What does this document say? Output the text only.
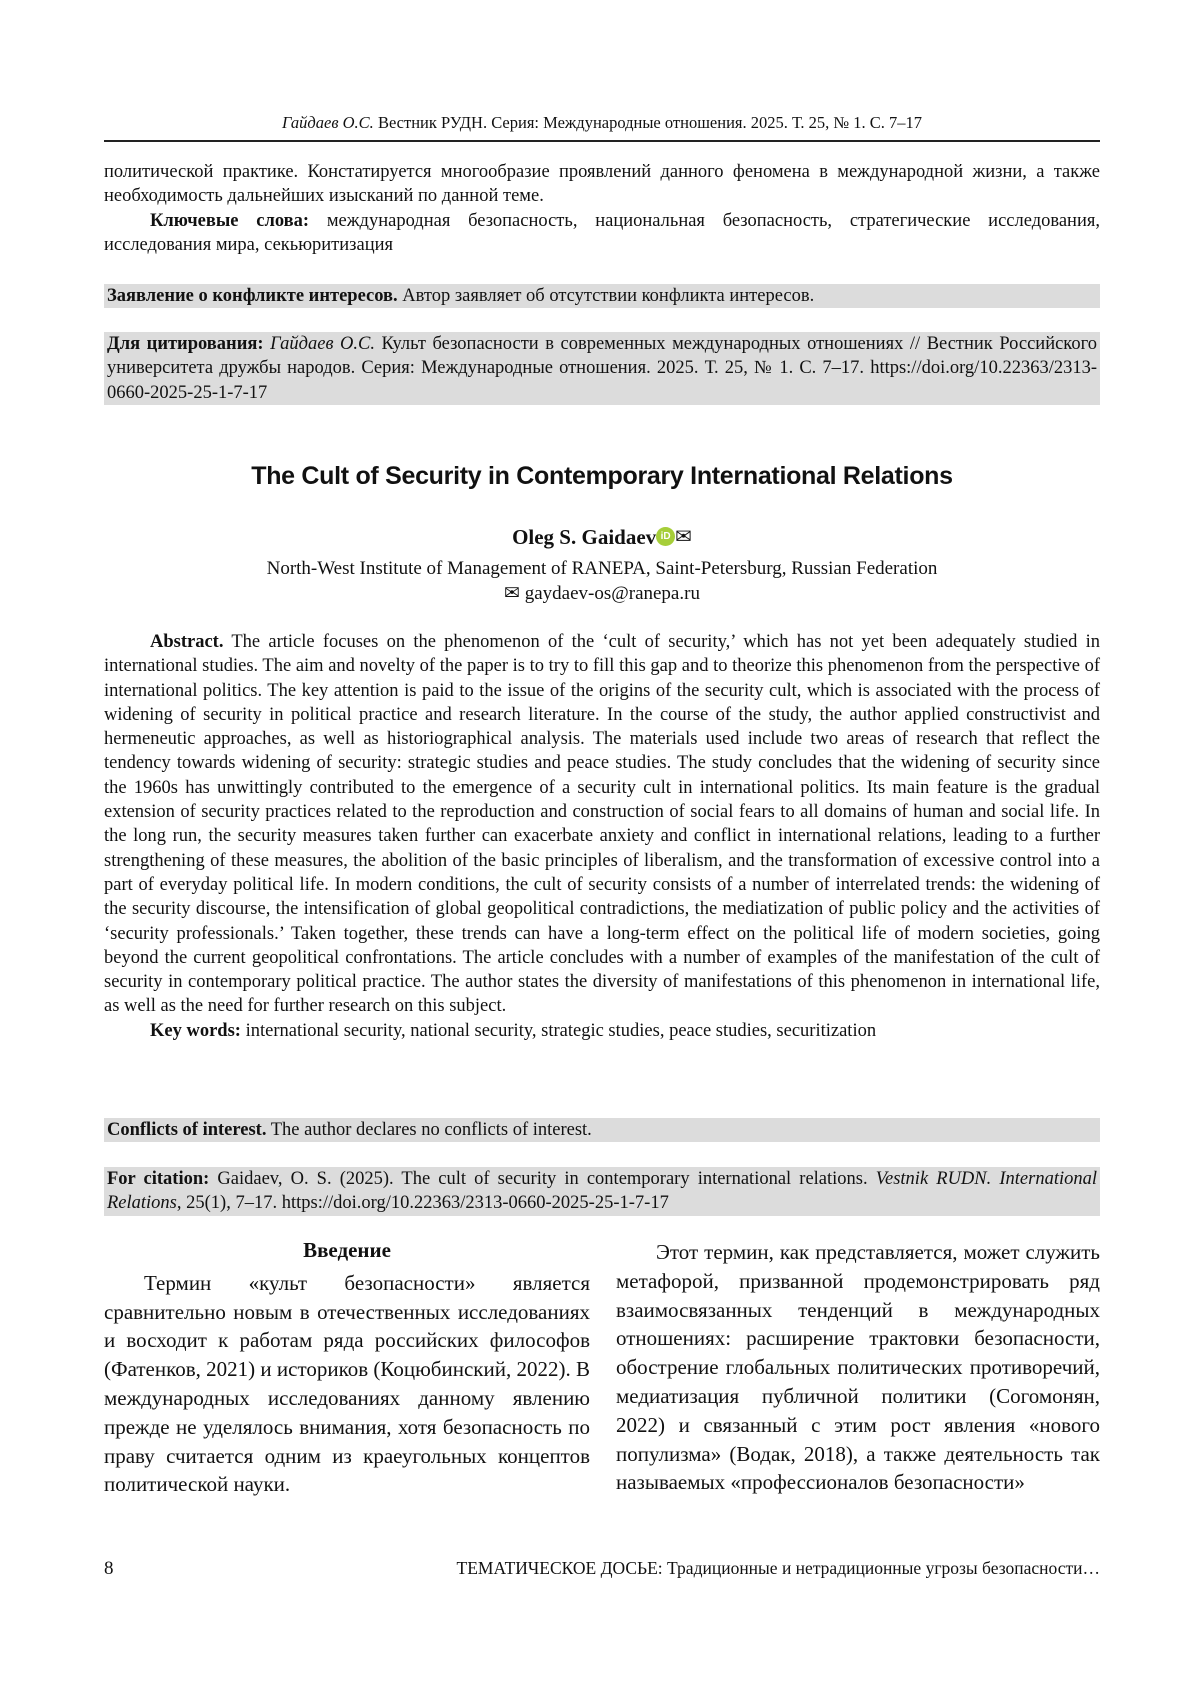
Гайдаев О.С. Вестник РУДН. Серия: Международные отношения. 2025. Т. 25, № 1. С. 7–17
политической практике. Констатируется многообразие проявлений данного феномена в международной жизни, а также необходимость дальнейших изысканий по данной теме.
Ключевые слова: международная безопасность, национальная безопасность, стратегические исследования, исследования мира, секьюритизация
Заявление о конфликте интересов. Автор заявляет об отсутствии конфликта интересов.
Для цитирования: Гайдаев О.С. Культ безопасности в современных международных отношениях // Вестник Российского университета дружбы народов. Серия: Международные отношения. 2025. Т. 25, № 1. С. 7–17. https://doi.org/10.22363/2313-0660-2025-25-1-7-17
The Cult of Security in Contemporary International Relations
Oleg S. Gaidaev iD ✉
North-West Institute of Management of RANEPA, Saint-Petersburg, Russian Federation
✉ gaydaev-os@ranepa.ru
Abstract. The article focuses on the phenomenon of the ‘cult of security,’ which has not yet been adequately studied in international studies. The aim and novelty of the paper is to try to fill this gap and to theorize this phenomenon from the perspective of international politics. The key attention is paid to the issue of the origins of the security cult, which is associated with the process of widening of security in political practice and research literature. In the course of the study, the author applied constructivist and hermeneutic approaches, as well as historiographical analysis. The materials used include two areas of research that reflect the tendency towards widening of security: strategic studies and peace studies. The study concludes that the widening of security since the 1960s has unwittingly contributed to the emergence of a security cult in international politics. Its main feature is the gradual extension of security practices related to the reproduction and construction of social fears to all domains of human and social life. In the long run, the security measures taken further can exacerbate anxiety and conflict in international relations, leading to a further strengthening of these measures, the abolition of the basic principles of liberalism, and the transformation of excessive control into a part of everyday political life. In modern conditions, the cult of security consists of a number of interrelated trends: the widening of the security discourse, the intensification of global geopolitical contradictions, the mediatization of public policy and the activities of ‘security professionals.’ Taken together, these trends can have a long-term effect on the political life of modern societies, going beyond the current geopolitical confrontations. The article concludes with a number of examples of the manifestation of the cult of security in contemporary political practice. The author states the diversity of manifestations of this phenomenon in international life, as well as the need for further research on this subject.
Key words: international security, national security, strategic studies, peace studies, securitization
Conflicts of interest. The author declares no conflicts of interest.
For citation: Gaidaev, O. S. (2025). The cult of security in contemporary international relations. Vestnik RUDN. International Relations, 25(1), 7–17. https://doi.org/10.22363/2313-0660-2025-25-1-7-17
Введение
Термин «культ безопасности» является сравнительно новым в отечественных исследованиях и восходит к работам ряда российских философов (Фатенков, 2021) и историков (Коцюбинский, 2022). В международных исследованиях данному явлению прежде не уделялось внимания, хотя безопасность по праву считается одним из краеугольных концептов политической науки.
Этот термин, как представляется, может служить метафорой, призванной продемонстрировать ряд взаимосвязанных тенденций в международных отношениях: расширение трактовки безопасности, обострение глобальных политических противоречий, медиатизация публичной политики (Согомонян, 2022) и связанный с этим рост явления «нового популизма» (Водак, 2018), а также деятельность так называемых «профессионалов безопасности»
8	ТЕМАТИЧЕСКОЕ ДОСЬЕ: Традиционные и нетрадиционные угрозы безопасности…
